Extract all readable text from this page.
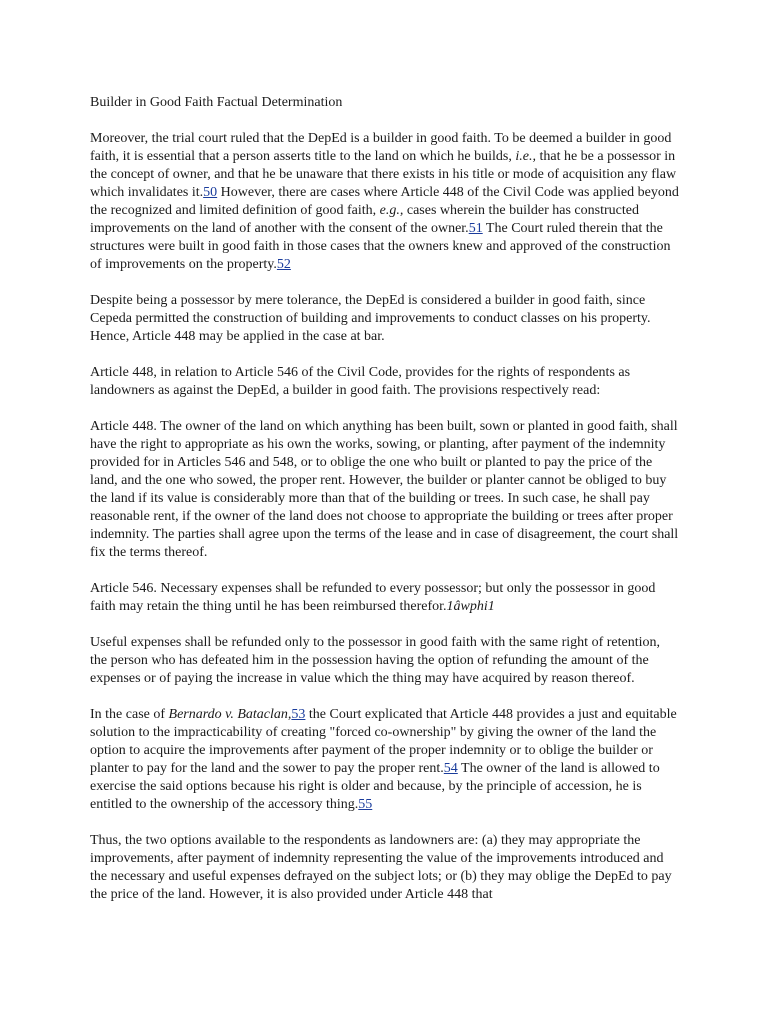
Builder in Good Faith Factual Determination

Moreover, the trial court ruled that the DepEd is a builder in good faith. To be deemed a builder in good faith, it is essential that a person asserts title to the land on which he builds, i.e., that he be a possessor in the concept of owner, and that he be unaware that there exists in his title or mode of acquisition any flaw which invalidates it.50 However, there are cases where Article 448 of the Civil Code was applied beyond the recognized and limited definition of good faith, e.g., cases wherein the builder has constructed improvements on the land of another with the consent of the owner.51 The Court ruled therein that the structures were built in good faith in those cases that the owners knew and approved of the construction of improvements on the property.52

Despite being a possessor by mere tolerance, the DepEd is considered a builder in good faith, since Cepeda permitted the construction of building and improvements to conduct classes on his property. Hence, Article 448 may be applied in the case at bar.

Article 448, in relation to Article 546 of the Civil Code, provides for the rights of respondents as landowners as against the DepEd, a builder in good faith. The provisions respectively read:

Article 448. The owner of the land on which anything has been built, sown or planted in good faith, shall have the right to appropriate as his own the works, sowing, or planting, after payment of the indemnity provided for in Articles 546 and 548, or to oblige the one who built or planted to pay the price of the land, and the one who sowed, the proper rent. However, the builder or planter cannot be obliged to buy the land if its value is considerably more than that of the building or trees. In such case, he shall pay reasonable rent, if the owner of the land does not choose to appropriate the building or trees after proper indemnity. The parties shall agree upon the terms of the lease and in case of disagreement, the court shall fix the terms thereof.

Article 546. Necessary expenses shall be refunded to every possessor; but only the possessor in good faith may retain the thing until he has been reimbursed therefor.1âwphi1

Useful expenses shall be refunded only to the possessor in good faith with the same right of retention, the person who has defeated him in the possession having the option of refunding the amount of the expenses or of paying the increase in value which the thing may have acquired by reason thereof.

In the case of Bernardo v. Bataclan,53 the Court explicated that Article 448 provides a just and equitable solution to the impracticability of creating "forced co-ownership" by giving the owner of the land the option to acquire the improvements after payment of the proper indemnity or to oblige the builder or planter to pay for the land and the sower to pay the proper rent.54 The owner of the land is allowed to exercise the said options because his right is older and because, by the principle of accession, he is entitled to the ownership of the accessory thing.55

Thus, the two options available to the respondents as landowners are: (a) they may appropriate the improvements, after payment of indemnity representing the value of the improvements introduced and the necessary and useful expenses defrayed on the subject lots; or (b) they may oblige the DepEd to pay the price of the land. However, it is also provided under Article 448 that
